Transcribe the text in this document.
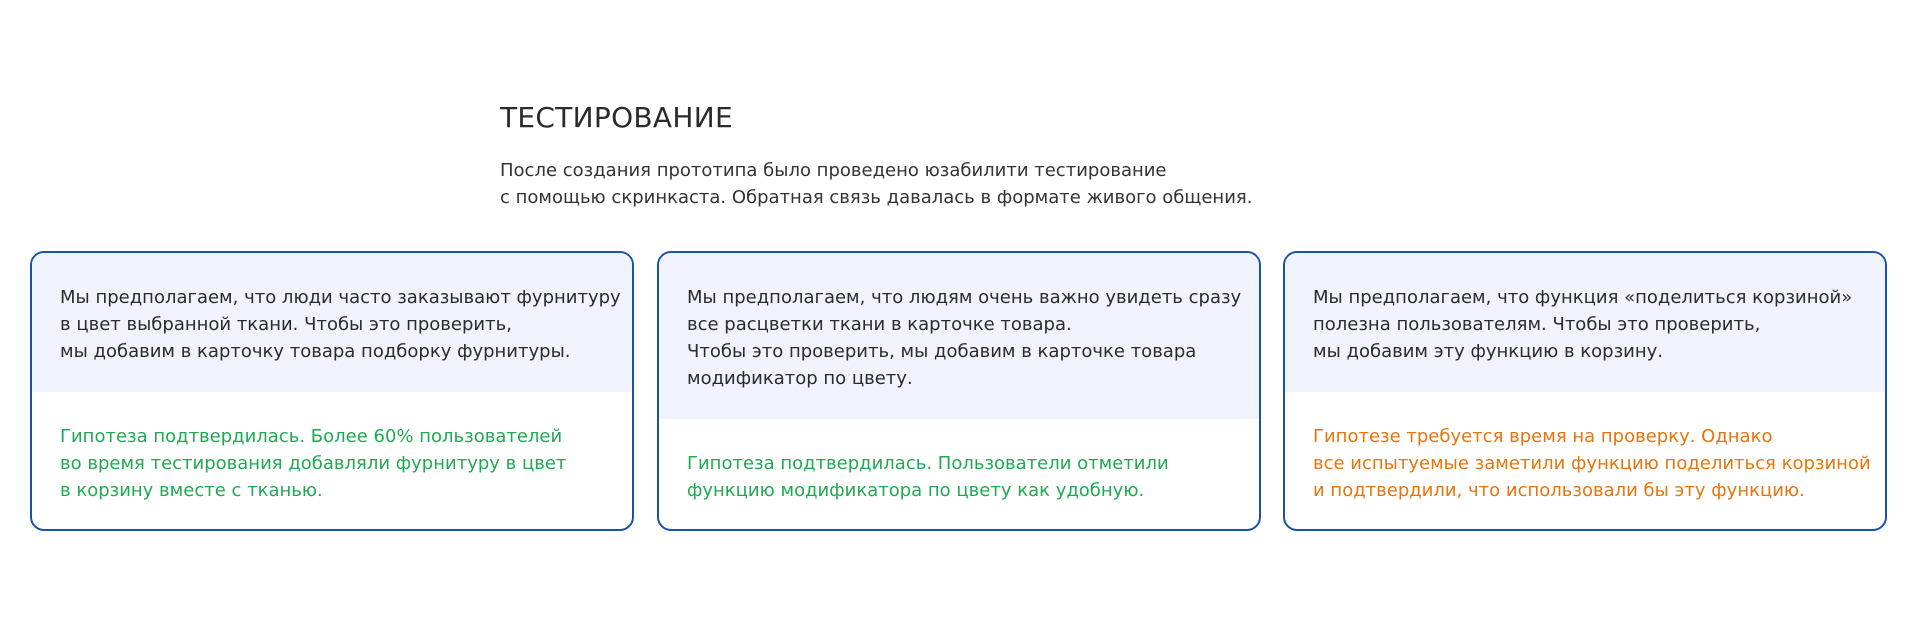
ТЕСТИРОВАНИЕ

После создания прототипа было проведено юзабилити тестирование
с помощью скринкаста. Обратная связь давалась в формате живого общения.

Мы предполагаем, что люди часто заказывают фурнитуру
в цвет выбранной ткани. Чтобы это проверить,
мы добавим в карточку товара подборку фурнитуры.
Гипотеза подтвердилась. Более 60% пользователей
во время тестирования добавляли фурнитуру в цвет
в корзину вместе с тканью.
Мы предполагаем, что людям очень важно увидеть сразу
все расцветки ткани в карточке товара.
Чтобы это проверить, мы добавим в карточке товара
модификатор по цвету.
Гипотеза подтвердилась. Пользователи отметили
функцию модификатора по цвету как удобную.
Мы предполагаем, что функция «поделиться корзиной»
полезна пользователям. Чтобы это проверить,
мы добавим эту функцию в корзину.
Гипотезе требуется время на проверку. Однако
все испытуемые заметили функцию поделиться корзиной
и подтвердили, что использовали бы эту функцию.
